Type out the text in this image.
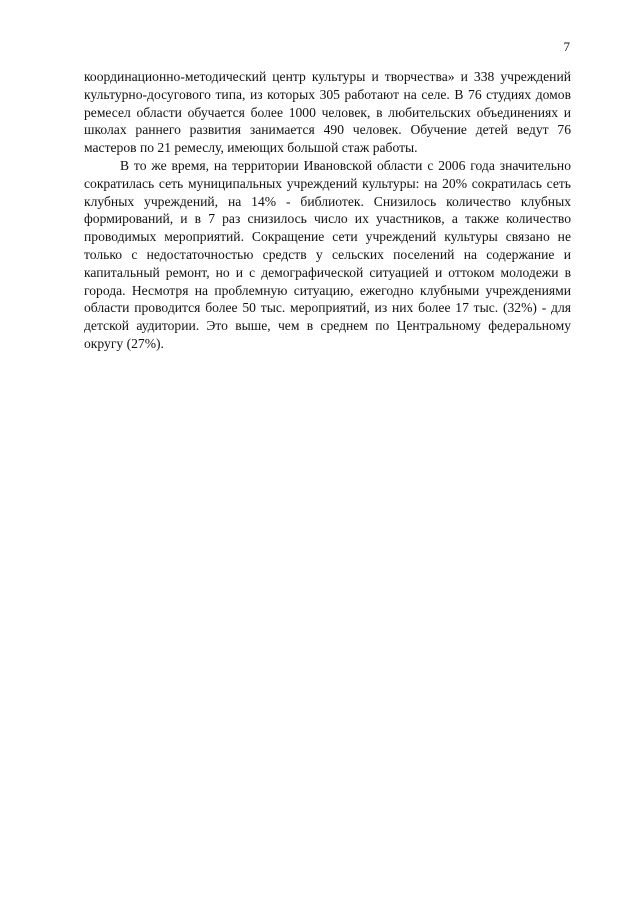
7

координационно-методический центр культуры и творчества» и 338 учреждений культурно-досугового типа, из которых 305 работают на селе. В 76 студиях домов ремесел области обучается более 1000 человек, в любительских объединениях и школах раннего развития занимается 490 человек. Обучение детей ведут 76 мастеров по 21 ремеслу, имеющих большой стаж работы.

В то же время, на территории Ивановской области с 2006 года значительно сократилась сеть муниципальных учреждений культуры: на 20% сократилась сеть клубных учреждений, на 14% - библиотек. Снизилось количество клубных формирований, и в 7 раз снизилось число их участников, а также количество проводимых мероприятий. Сокращение сети учреждений культуры связано не только с недостаточностью средств у сельских поселений на содержание и капитальный ремонт, но и с демографической ситуацией и оттоком молодежи в города. Несмотря на проблемную ситуацию, ежегодно клубными учреждениями области проводится более 50 тыс. мероприятий, из них более 17 тыс. (32%) - для детской аудитории. Это выше, чем в среднем по Центральному федеральному округу (27%).
